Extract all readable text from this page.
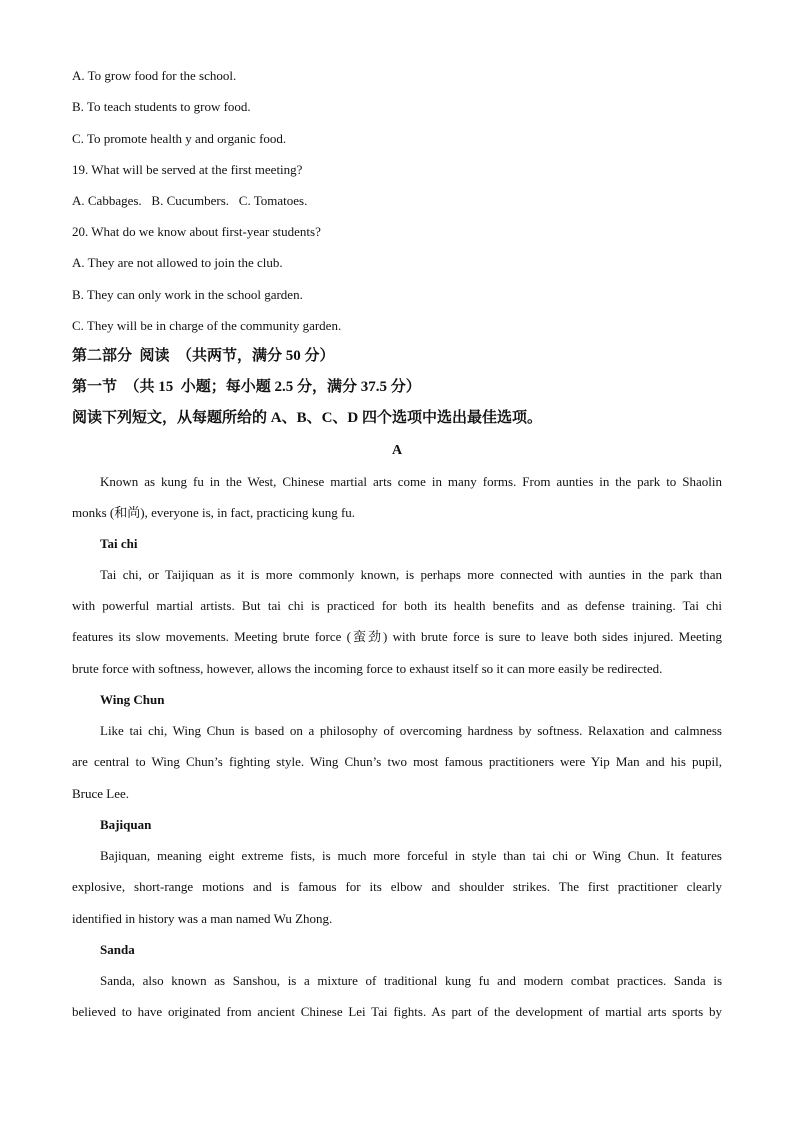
A. To grow food for the school.
B. To teach students to grow food.
C. To promote health y and organic food.
19. What will be served at the first meeting?
A. Cabbages.   B. Cucumbers.   C. Tomatoes.
20. What do we know about first-year students?
A. They are not allowed to join the club.
B. They can only work in the school garden.
C. They will be in charge of the community garden.
第二部分  阅读  （共两节，满分 50 分）
第一节  （共 15  小题；每小题 2.5 分，满分 37.5 分）
阅读下列短文，从每题所给的 A、B、C、D 四个选项中选出最佳选项。
A
Known as kung fu in the West, Chinese martial arts come in many forms. From aunties in the park to Shaolin
monks (和尚), everyone is, in fact, practicing kung fu.
Tai chi
Tai chi, or Taijiquan as it is more commonly known, is perhaps more connected with aunties in the park than
with powerful martial artists. But tai chi is practiced for both its health benefits and as defense training. Tai chi
features its slow movements. Meeting brute force (蛮劲) with brute force is sure to leave both sides injured. Meeting
brute force with softness, however, allows the incoming force to exhaust itself so it can more easily be redirected.
Wing Chun
Like tai chi, Wing Chun is based on a philosophy of overcoming hardness by softness. Relaxation and calmness
are central to Wing Chun’s fighting style. Wing Chun’s two most famous practitioners were Yip Man and his pupil,
Bruce Lee.
Bajiquan
Bajiquan, meaning eight extreme fists, is much more forceful in style than tai chi or Wing Chun. It features
explosive, short-range motions and is famous for its elbow and shoulder strikes. The first practitioner clearly
identified in history was a man named Wu Zhong.
Sanda
Sanda, also known as Sanshou, is a mixture of traditional kung fu and modern combat practices. Sanda is
believed to have originated from ancient Chinese Lei Tai fights. As part of the development of martial arts sports by
